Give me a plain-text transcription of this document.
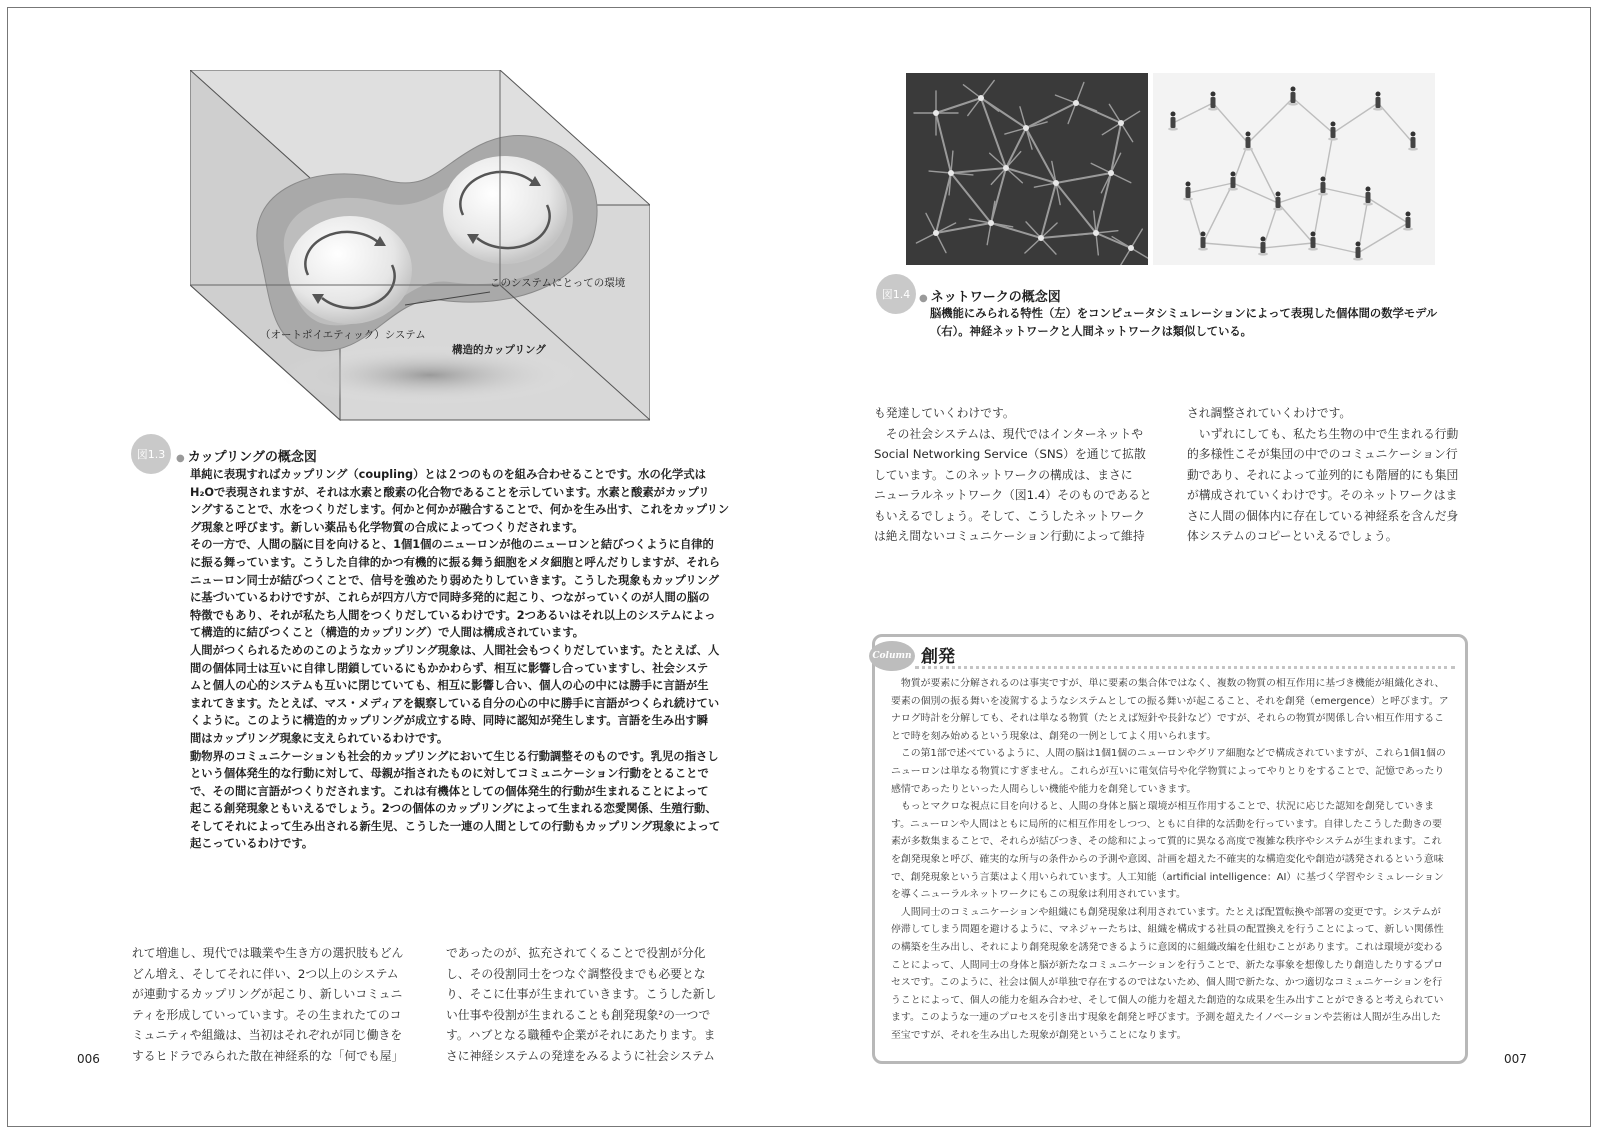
このシステムにとっての環境
（オートポイエティック）システム
構造的カップリング
図1.3	● カップリングの概念図

単純に表現すればカップリング（coupling）とは２つのものを組み合わせることです。水の化学式は

H₂Oで表現されますが、それは水素と酸素の化合物であることを示しています。水素と酸素がカップリ

ングすることで、水をつくりだします。何かと何かが融合することで、何かを生み出す、これをカップリン

グ現象と呼びます。新しい薬品も化学物質の合成によってつくりだされます。

その一方で、人間の脳に目を向けると、1個1個のニューロンが他のニューロンと結びつくように自律的

に振る舞っています。こうした自律的かつ有機的に振る舞う細胞をメタ細胞と呼んだりしますが、それら

ニューロン同士が結びつくことで、信号を強めたり弱めたりしていきます。こうした現象もカップリング

に基づいているわけですが、これらが四方八方で同時多発的に起こり、つながっていくのが人間の脳の

特徴でもあり、それが私たち人間をつくりだしているわけです。2つあるいはそれ以上のシステムによっ

て構造的に結びつくこと（構造的カップリング）で人間は構成されています。

人間がつくられるためのこのようなカップリング現象は、人間社会もつくりだしています。たとえば、人

間の個体同士は互いに自律し閉鎖しているにもかかわらず、相互に影響し合っていますし、社会システ

ムと個人の心的システムも互いに閉じていても、相互に影響し合い、個人の心の中には勝手に言語が生

まれてきます。たとえば、マス・メディアを観察している自分の心の中に勝手に言語がつくられ続けてい

くように。このように構造的カップリングが成立する時、同時に認知が発生します。言語を生み出す瞬

間はカップリング現象に支えられているわけです。

動物界のコミュニケーションも社会的カップリングにおいて生じる行動調整そのものです。乳児の指さし

という個体発生的な行動に対して、母親が指されたものに対してコミュニケーション行動をとることで

で、その間に言語がつくりだされます。これは有機体としての個体発生的行動が生まれることによって

起こる創発現象ともいえるでしょう。2つの個体のカップリングによって生まれる恋愛関係、生殖行動、

そしてそれによって生み出される新生児、こうした一連の人間としての行動もカップリング現象によって

起こっているわけです。

れて増進し、現代では職業や生き方の選択肢もどん

どん増え、そしてそれに伴い、2つ以上のシステム

が連動するカップリングが起こり、新しいコミュニ

ティを形成していっています。その生まれたてのコ

ミュニティや組織は、当初はそれぞれが同じ働きを

するヒドラでみられた散在神経系的な「何でも屋」

であったのが、拡充されてくることで役割が分化

し、その役割同士をつなぐ調整役までも必要とな

り、そこに仕事が生まれていきます。こうした新し

い仕事や役割が生まれることも創発現象²の一つで

す。ハブとなる職種や企業がそれにあたります。ま

さに神経システムの発達をみるように社会システム

006
図1.4	● ネットワークの概念図

脳機能にみられる特性（左）をコンピュータシミュレーションによって表現した個体間の数学モデル

（右）。神経ネットワークと人間ネットワークは類似している。

も発達していくわけです。

　その社会システムは、現代ではインターネットや

Social Networking Service（SNS）を通じて拡散

しています。このネットワークの構成は、まさに

ニューラルネットワーク（図1.4）そのものであると

もいえるでしょう。そして、こうしたネットワーク

は絶え間ないコミュニケーション行動によって維持

され調整されていくわけです。

　いずれにしても、私たち生物の中で生まれる行動

的多様性こそが集団の中でのコミュニケーション行

動であり、それによって並列的にも階層的にも集団

が構成されていくわけです。そのネットワークはま

さに人間の個体内に存在している神経系を含んだ身

体システムのコピーといえるでしょう。

Column 創発

物質が要素に分解されるのは事実ですが、単に要素の集合体ではなく、複数の物質の相互作用に基づき機能が組織化され、要素の個別の振る舞いを凌駕するようなシステムとしての振る舞いが起こること、それを創発（emergence）と呼びます。アナログ時計を分解しても、それは単なる物質（たとえば短針や長針など）ですが、それらの物質が関係し合い相互作用することで時を刻み始めるという現象は、創発の一例としてよく用いられます。

この第1部で述べているように、人間の脳は1個1個のニューロンやグリア細胞などで構成されていますが、これら1個1個のニューロンは単なる物質にすぎません。これらが互いに電気信号や化学物質によってやりとりをすることで、記憶であったり感情であったりといった人間らしい機能や能力を創発していきます。

もっとマクロな視点に目を向けると、人間の身体と脳と環境が相互作用することで、状況に応じた認知を創発していきます。ニューロンや人間はともに局所的に相互作用をしつつ、ともに自律的な活動を行っています。自律したこうした動きの要素が多数集まることで、それらが結びつき、その総和によって質的に異なる高度で複雑な秩序やシステムが生まれます。これを創発現象と呼び、確実的な所与の条件からの予測や意図、計画を超えた不確実的な構造変化や創造が誘発されるという意味で、創発現象という言葉はよく用いられています。人工知能（artificial intelligence：AI）に基づく学習やシミュレーションを導くニューラルネットワークにもこの現象は利用されています。

人間同士のコミュニケーションや組織にも創発現象は利用されています。たとえば配置転換や部署の変更です。システムが停滞してしまう問題を避けるように、マネジャーたちは、組織を構成する社員の配置換えを行うことによって、新しい関係性の構築を生み出し、それにより創発現象を誘発できるように意図的に組織改編を仕組むことがあります。これは環境が変わることによって、人間同士の身体と脳が新たなコミュニケーションを行うことで、新たな事象を想像したり創造したりするプロセスです。このように、社会は個人が単独で存在するのではないため、個人間で新たな、かつ適切なコミュニケーションを行うことによって、個人の能力を組み合わせ、そして個人の能力を超えた創造的な成果を生み出すことができると考えられています。このような一連のプロセスを引き出す現象を創発と呼びます。予測を超えたイノベーションや芸術は人間が生み出した至宝ですが、それを生み出した現象が創発ということになります。

007
